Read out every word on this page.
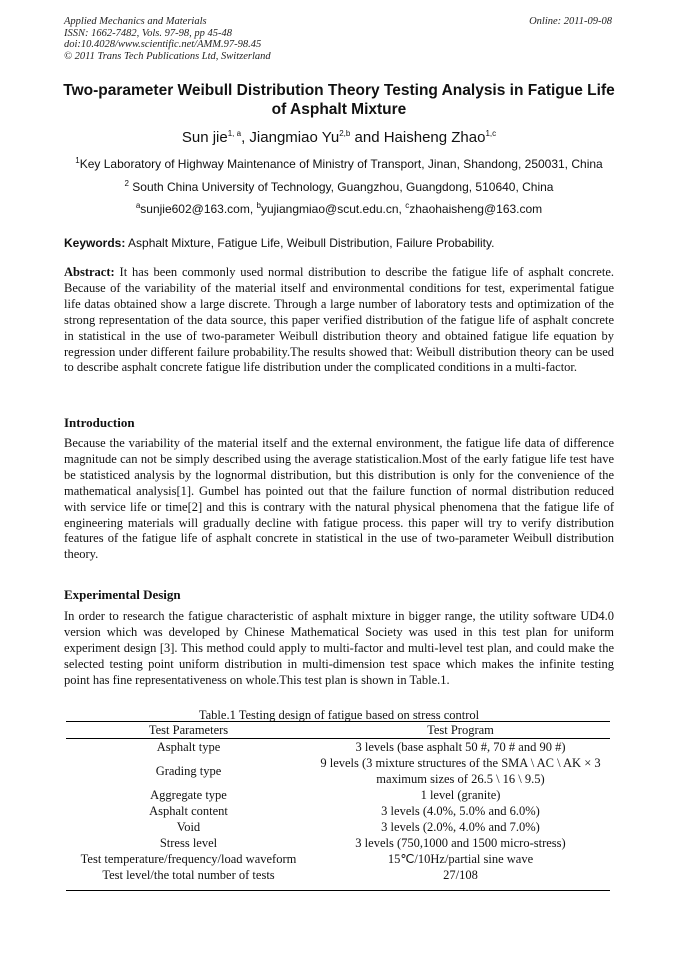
Applied Mechanics and Materials
ISSN: 1662-7482, Vols. 97-98, pp 45-48
doi:10.4028/www.scientific.net/AMM.97-98.45
© 2011 Trans Tech Publications Ltd, Switzerland
Online: 2011-09-08
Two-parameter Weibull Distribution Theory Testing Analysis in Fatigue Life of Asphalt Mixture
Sun jie$^{1, a}$, Jiangmiao Yu$^{2,b}$ and Haisheng Zhao$^{1,c}$
$^1$Key Laboratory of Highway Maintenance of Ministry of Transport, Jinan, Shandong, 250031, China
$^2$ South China University of Technology, Guangzhou, Guangdong, 510640, China
$^a$sunjie602@163.com, $^b$yujiangmiao@scut.edu.cn, $^c$zhaohaisheng@163.com
Keywords: Asphalt Mixture, Fatigue Life, Weibull Distribution, Failure Probability.
Abstract: It has been commonly used normal distribution to describe the fatigue life of asphalt concrete. Because of the variability of the material itself and environmental conditions for test, experimental fatigue life datas obtained show a large discrete. Through a large number of laboratory tests and optimization of the strong representation of the data source, this paper verified distribution of the fatigue life of asphalt concrete in statistical in the use of two-parameter Weibull distribution theory and obtained fatigue life equation by regression under different failure probability.The results showed that: Weibull distribution theory can be used to describe asphalt concrete fatigue life distribution under the complicated conditions in a multi-factor.
Introduction
Because the variability of the material itself and the external environment, the fatigue life data of difference magnitude can not be simply described using the average statisticalion.Most of the early fatigue life test have be statisticed analysis by the lognormal distribution, but this distribution is only for the convenience of the mathematical analysis[1]. Gumbel has pointed out that the failure function of normal distribution reduced with service life or time[2] and this is contrary with the natural physical phenomena that the fatigue life of engineering materials will gradually decline with fatigue process. this paper will try to verify distribution features of the fatigue life of asphalt concrete in statistical in the use of two-parameter Weibull distribution theory.
Experimental Design
In order to research the fatigue characteristic of asphalt mixture in bigger range, the utility software UD4.0 version which was developed by Chinese Mathematical Society was used in this test plan for uniform experiment design [3]. This method could apply to multi-factor and multi-level test plan, and could make the selected testing point uniform distribution in multi-dimension test space which makes the infinite testing point has fine representativeness on whole.This test plan is shown in Table.1.
Table.1 Testing design of fatigue based on stress control
Test Parameters	Test Program
Asphalt type	3 levels (base asphalt 50 #, 70 # and 90 #)
Grading type	9 levels (3 mixture structures of the SMA \ AC \ AK × 3 maximum sizes of 26.5 \ 16 \ 9.5)
Aggregate type	1 level (granite)
Asphalt content	3 levels (4.0%, 5.0% and 6.0%)
Void	3 levels (2.0%, 4.0% and 7.0%)
Stress level	3 levels (750,1000 and 1500 micro-stress)
Test temperature/frequency/load waveform	15℃/10Hz/partial sine wave
Test level/the total number of tests	27/108
